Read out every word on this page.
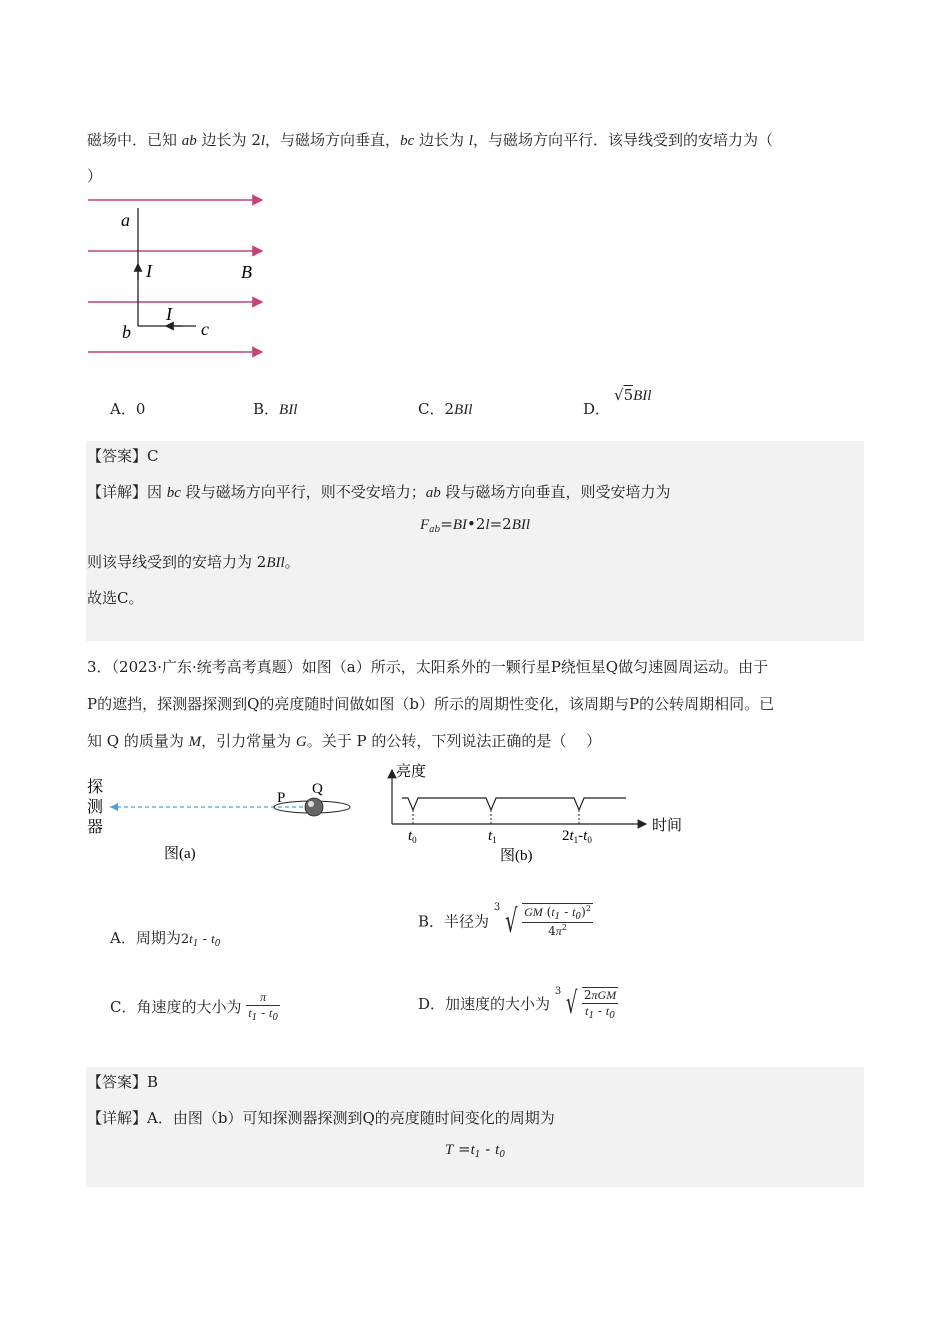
磁场中．已知 ab 边长为 2l，与磁场方向垂直，bc 边长为 l，与磁场方向平行．该导线受到的安培力为（
）
a
I	B
I
b	c
A．0	B．BIl	C．2BIl	D．
√5BIl
【答案】C
【详解】因 bc 段与磁场方向平行，则不受安培力；ab 段与磁场方向垂直，则受安培力为
$F_{ab}=BI•2l=2BIl$
则该导线受到的安培力为 2BIl。
故选C。
3．（2023·广东·统考高考真题）如图（a）所示，太阳系外的一颗行星P绕恒星Q做匀速圆周运动。由于
P的遮挡，探测器探测到Q的亮度随时间做如图（b）所示的周期性变化，该周期与P的公转周期相同。已
知 Q 的质量为 M，引力常量为 G。关于 P 的公转，下列说法正确的是（　 ）
探
测
器
P
Q
图(a)
亮度
时间
$t_0$	$t_1$	$2t_1-t_0$
图(b)
A．周期为$2t_1 - t_0$
B．半径为 3 √ $\frac{GM (t_1 - t_0)^2}{4\pi^2}$
C．角速度的大小为 $\frac{\pi}{t_1 - t_0}$	D．加速度的大小为 3 √ $\frac{\text{2πGM}}{t_1 - t_0}$
【答案】B
【详解】A．由图（b）可知探测器探测到Q的亮度随时间变化的周期为
$T =t_1 - t_0$
